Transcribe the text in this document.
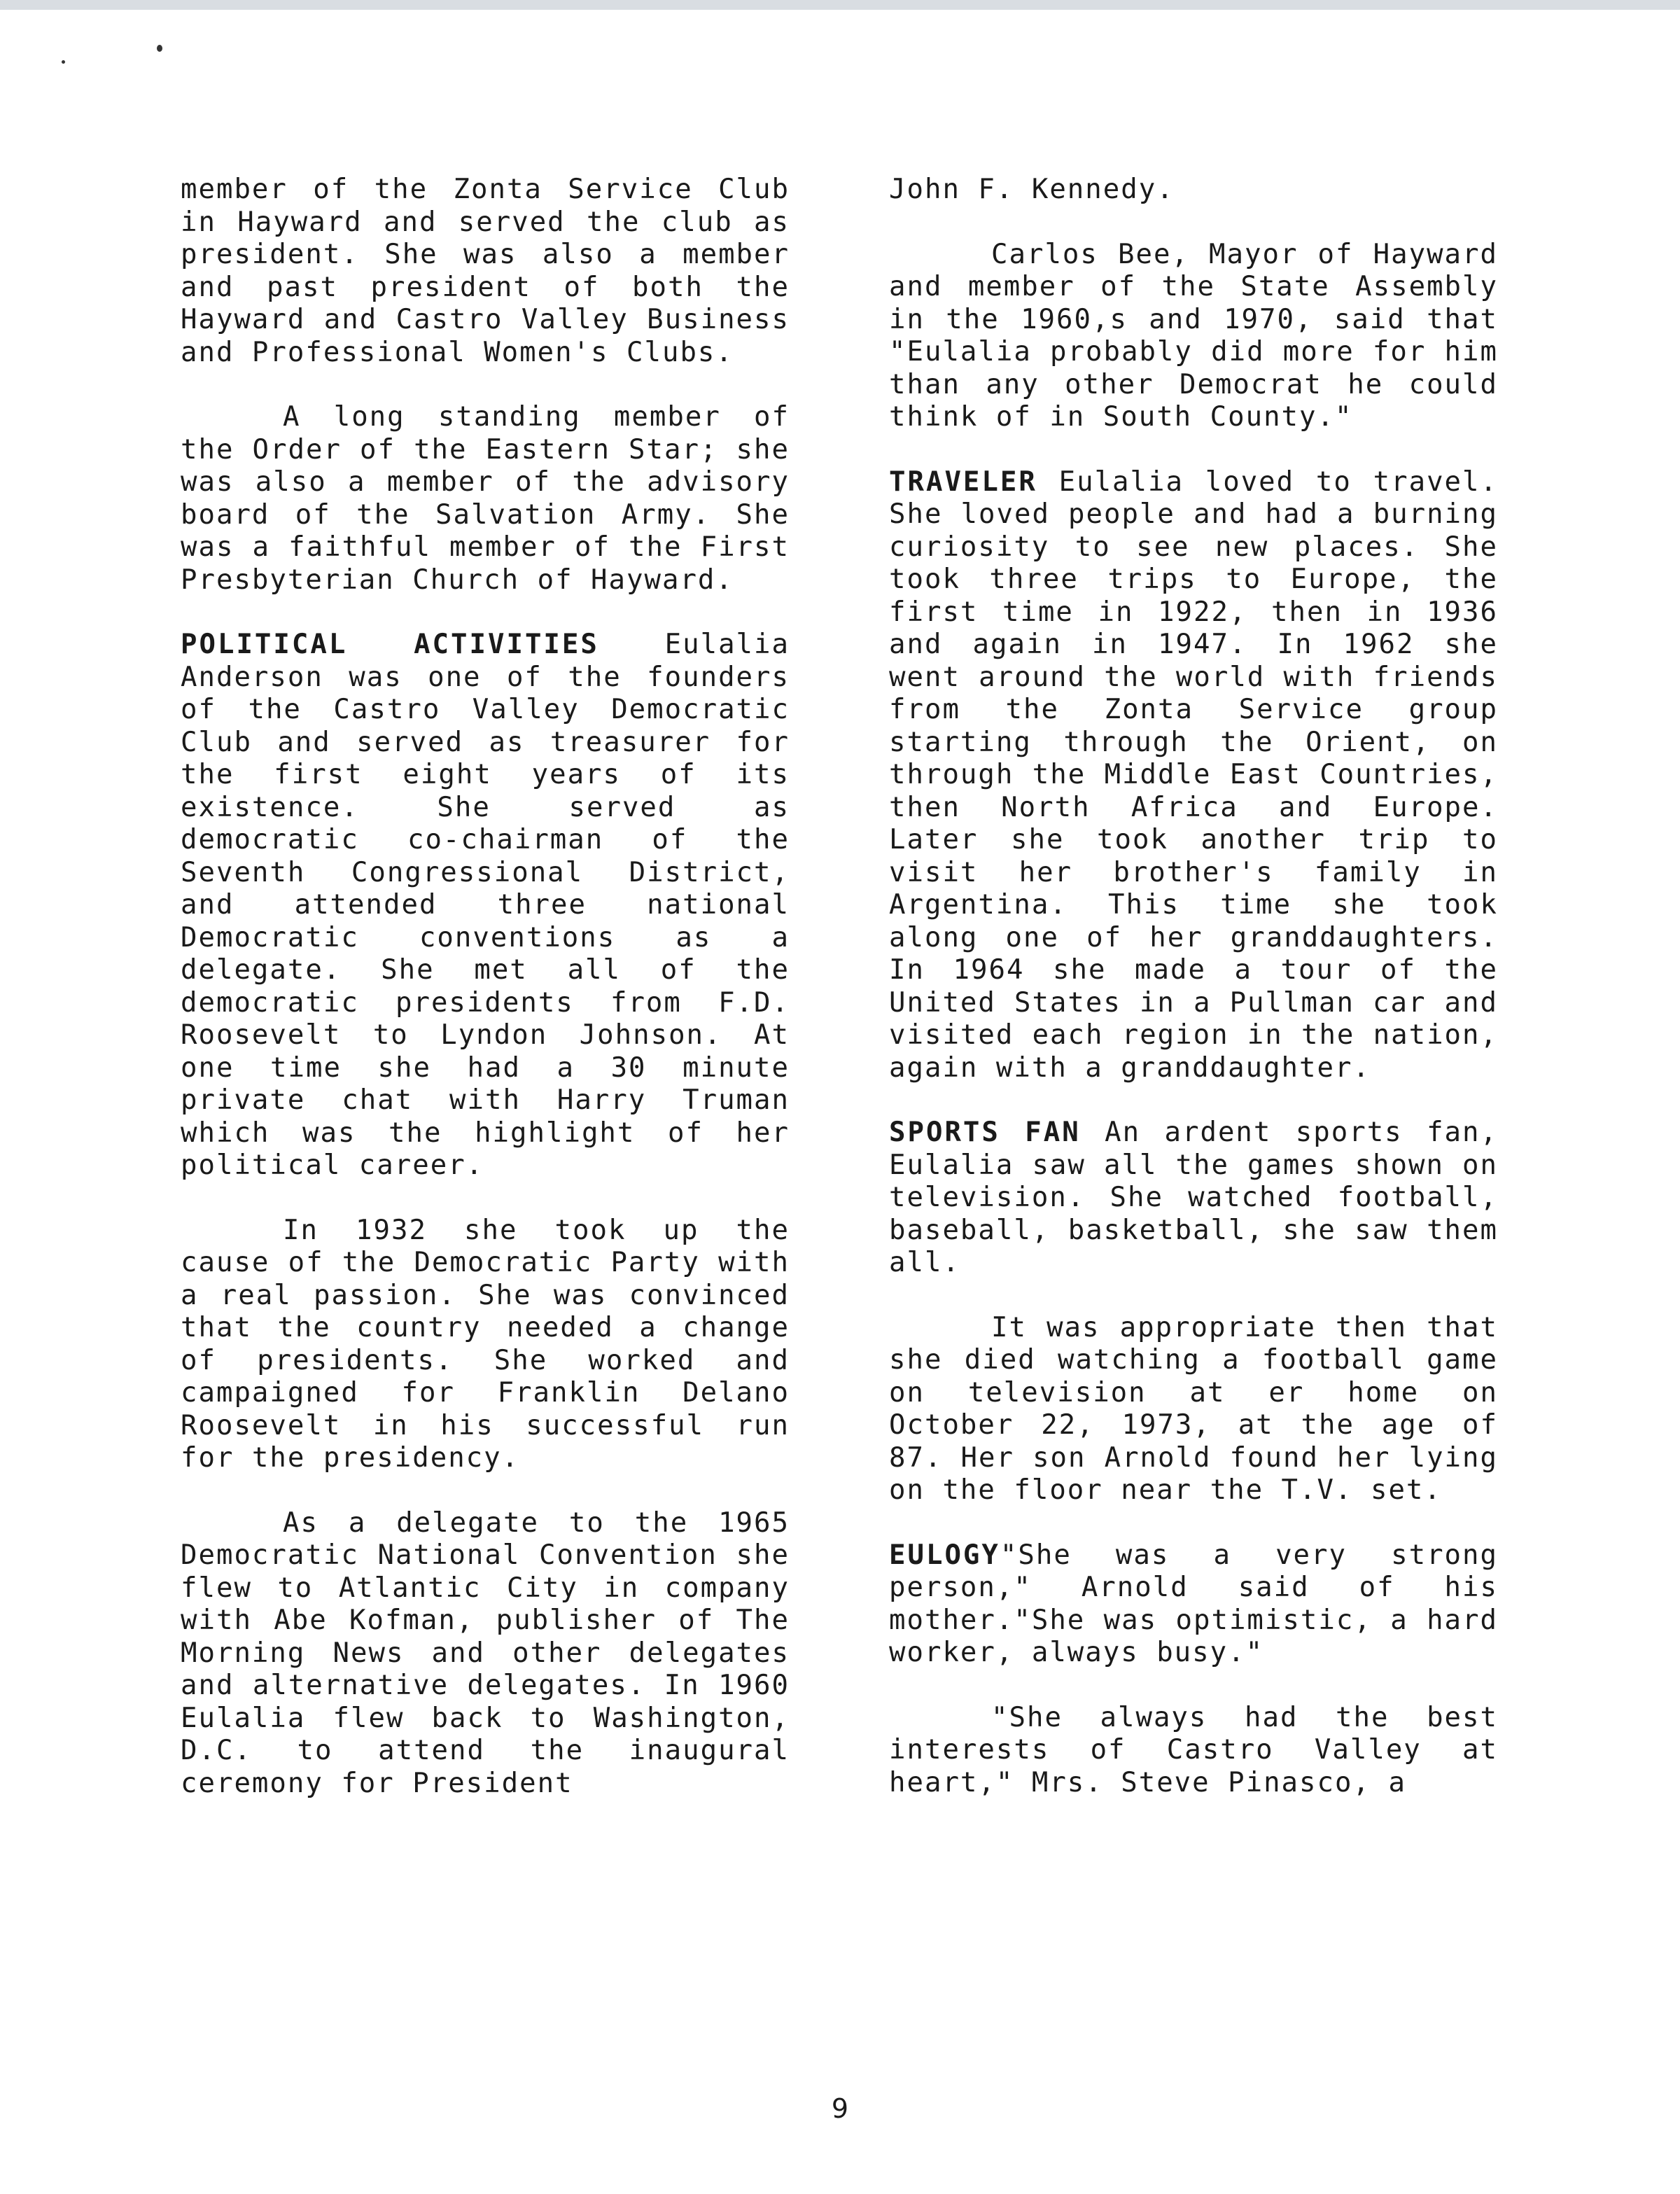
member of the Zonta Service Club in Hayward and served the club as president. She was also a member and past president of both the Hayward and Castro Valley Business and Professional Women's Clubs.

A long standing member of the Order of the Eastern Star; she was also a member of the advisory board of the Salvation Army. She was a faithful member of the First Presbyterian Church of Hayward.

POLITICAL ACTIVITIES Eulalia Anderson was one of the founders of the Castro Valley Democratic Club and served as treasurer for the first eight years of its existence. She served as democratic co-chairman of the Seventh Congressional District, and attended three national Democratic conventions as a delegate. She met all of the democratic presidents from F.D. Roosevelt to Lyndon Johnson. At one time she had a 30 minute private chat with Harry Truman which was the highlight of her political career.

In 1932 she took up the cause of the Democratic Party with a real passion. She was convinced that the country needed a change of presidents. She worked and campaigned for Franklin Delano Roosevelt in his successful run for the presidency.

As a delegate to the 1965 Democratic National Convention she flew to Atlantic City in company with Abe Kofman, publisher of The Morning News and other delegates and alternative delegates. In 1960 Eulalia flew back to Washington, D.C. to attend the inaugural ceremony for President

John F. Kennedy.

Carlos Bee, Mayor of Hayward and member of the State Assembly in the 1960,s and 1970, said that "Eulalia probably did more for him than any other Democrat he could think of in South County."

TRAVELER Eulalia loved to travel. She loved people and had a burning curiosity to see new places. She took three trips to Europe, the first time in 1922, then in 1936 and again in 1947. In 1962 she went around the world with friends from the Zonta Service group starting through the Orient, on through the Middle East Countries, then North Africa and Europe. Later she took another trip to visit her brother's family in Argentina. This time she took along one of her granddaughters. In 1964 she made a tour of the United States in a Pullman car and visited each region in the nation, again with a granddaughter.

SPORTS FAN An ardent sports fan, Eulalia saw all the games shown on television. She watched football, baseball, basketball, she saw them all.

It was appropriate then that she died watching a football game on television at er home on October 22, 1973, at the age of 87. Her son Arnold found her lying on the floor near the T.V. set.

EULOGY"She was a very strong person," Arnold said of his mother."She was optimistic, a hard worker, always busy."

"She always had the best interests of Castro Valley at heart," Mrs. Steve Pinasco, a

9
